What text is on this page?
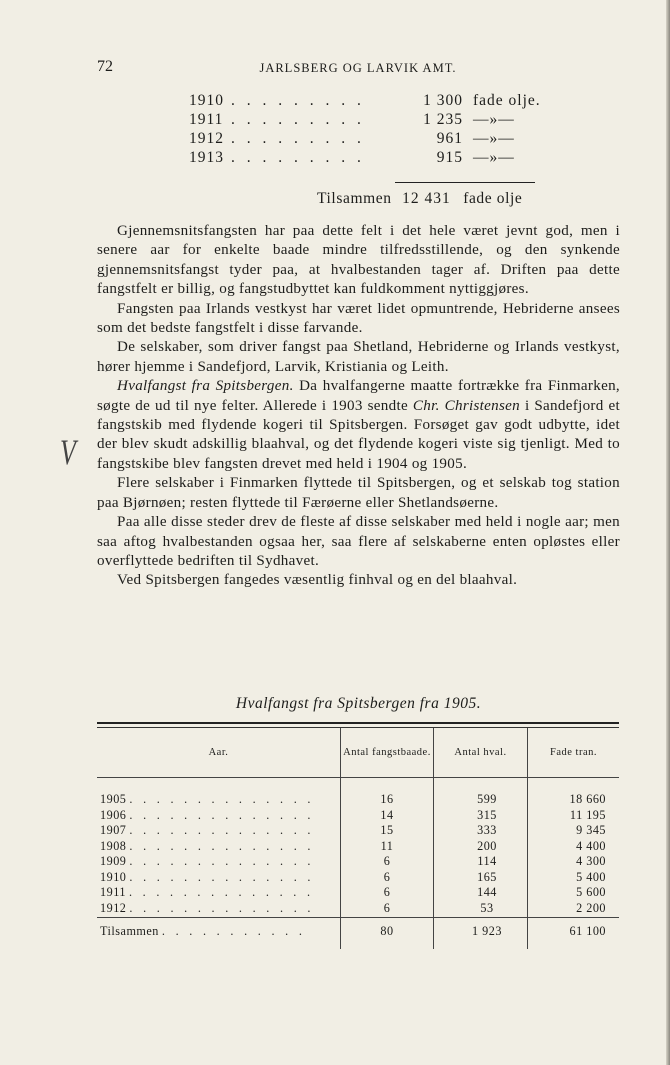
72	JARLSBERG OG LARVIK AMT.
1910 . . . . . . . . .	1 300 fade olje.
1911 . . . . . . . . .	1 235 —»—
1912 . . . . . . . . .	961 —»—
1913 . . . . . . . . .	915 —»—
Tilsammen 12 431 fade olje
V

Gjennemsnitsfangsten har paa dette felt i det hele været jevnt god, men i senere aar for enkelte baade mindre tilfredsstillende, og den synkende gjennemsnitsfangst tyder paa, at hvalbestanden tager af. Driften paa dette fangstfelt er billig, og fangstudbyttet kan fuldkomment nyttiggjøres.

Fangsten paa Irlands vestkyst har været lidet opmuntrende, Hebriderne ansees som det bedste fangstfelt i disse farvande.

De selskaber, som driver fangst paa Shetland, Hebriderne og Irlands vestkyst, hører hjemme i Sandefjord, Larvik, Kristiania og Leith.

Hvalfangst fra Spitsbergen. Da hvalfangerne maatte fortrække fra Finmarken, søgte de ud til nye felter. Allerede i 1903 sendte Chr. Christensen i Sandefjord et fangstskib med flydende kogeri til Spitsbergen. Forsøget gav godt udbytte, idet der blev skudt adskillig blaahval, og det flydende kogeri viste sig tjenligt. Med to fangstskibe blev fangsten drevet med held i 1904 og 1905.

Flere selskaber i Finmarken flyttede til Spitsbergen, og et selskab tog station paa Bjørnøen; resten flyttede til Færøerne eller Shetlandsøerne.

Paa alle disse steder drev de fleste af disse selskaber med held i nogle aar; men saa aftog hvalbestanden ogsaa her, saa flere af selskaberne enten opløstes eller overflyttede bedriften til Sydhavet.

Ved Spitsbergen fangedes væsentlig finhval og en del blaahval.

Hvalfangst fra Spitsbergen fra 1905.
Aar.	Antal fangstbaade.	Antal hval.	Fade tran.
1905 . . . . . . . . . . . . . .	16	599	18 660
1906 . . . . . . . . . . . . . .	14	315	11 195
1907 . . . . . . . . . . . . . .	15	333	9 345
1908 . . . . . . . . . . . . . .	11	200	4 400
1909 . . . . . . . . . . . . . .	6	114	4 300
1910 . . . . . . . . . . . . . .	6	165	5 400
1911 . . . . . . . . . . . . . .	6	144	5 600
1912 . . . . . . . . . . . . . .	6	53	2 200
Tilsammen . . . . . . . . . . .	80	1 923	61 100
